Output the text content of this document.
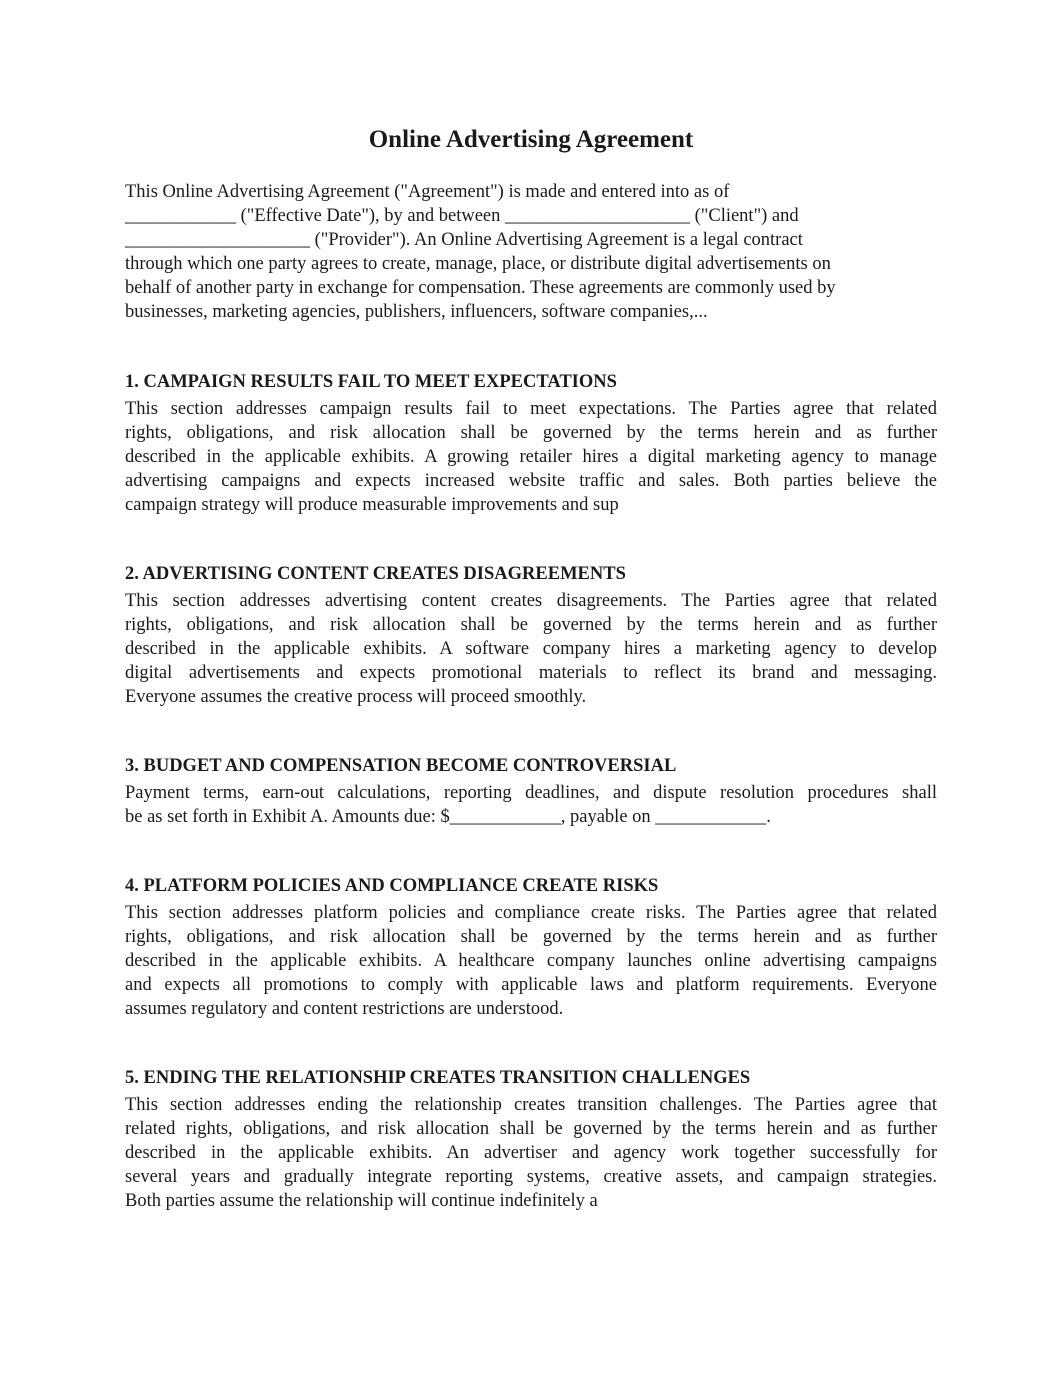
Online Advertising Agreement
This Online Advertising Agreement ("Agreement") is made and entered into as of
____________ ("Effective Date"), by and between ____________________ ("Client") and
____________________ ("Provider"). An Online Advertising Agreement is a legal contract
through which one party agrees to create, manage, place, or distribute digital advertisements on
behalf of another party in exchange for compensation. These agreements are commonly used by
businesses, marketing agencies, publishers, influencers, software companies,...
1. CAMPAIGN RESULTS FAIL TO MEET EXPECTATIONS
This section addresses campaign results fail to meet expectations. The Parties agree that related
rights, obligations, and risk allocation shall be governed by the terms herein and as further
described in the applicable exhibits. A growing retailer hires a digital marketing agency to manage
advertising campaigns and expects increased website traffic and sales. Both parties believe the
campaign strategy will produce measurable improvements and sup
2. ADVERTISING CONTENT CREATES DISAGREEMENTS
This section addresses advertising content creates disagreements. The Parties agree that related
rights, obligations, and risk allocation shall be governed by the terms herein and as further
described in the applicable exhibits. A software company hires a marketing agency to develop
digital advertisements and expects promotional materials to reflect its brand and messaging.
Everyone assumes the creative process will proceed smoothly.
3. BUDGET AND COMPENSATION BECOME CONTROVERSIAL
Payment terms, earn-out calculations, reporting deadlines, and dispute resolution procedures shall
be as set forth in Exhibit A. Amounts due: $____________, payable on ____________.
4. PLATFORM POLICIES AND COMPLIANCE CREATE RISKS
This section addresses platform policies and compliance create risks. The Parties agree that related
rights, obligations, and risk allocation shall be governed by the terms herein and as further
described in the applicable exhibits. A healthcare company launches online advertising campaigns
and expects all promotions to comply with applicable laws and platform requirements. Everyone
assumes regulatory and content restrictions are understood.
5. ENDING THE RELATIONSHIP CREATES TRANSITION CHALLENGES
This section addresses ending the relationship creates transition challenges. The Parties agree that
related rights, obligations, and risk allocation shall be governed by the terms herein and as further
described in the applicable exhibits. An advertiser and agency work together successfully for
several years and gradually integrate reporting systems, creative assets, and campaign strategies.
Both parties assume the relationship will continue indefinitely a
